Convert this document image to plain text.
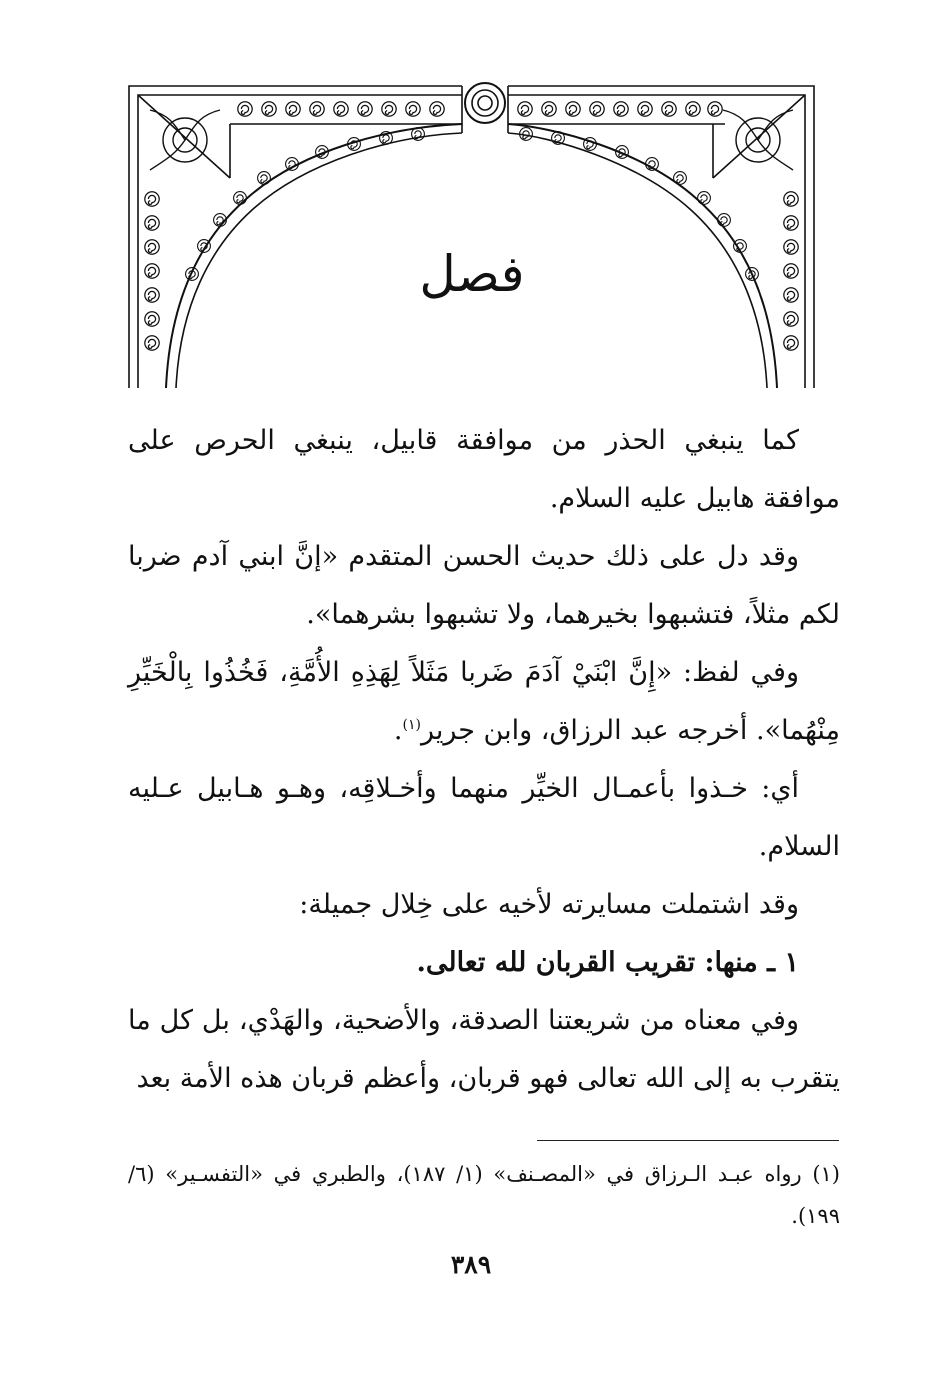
فصل

كما ينبغي الحذر من موافقة قابيل، ينبغي الحرص على موافقة هابيل عليه السلام.

وقد دل على ذلك حديث الحسن المتقدم «إنَّ ابني آدم ضربا لكم مثلاً، فتشبهوا بخيرهما، ولا تشبهوا بشرهما».

وفي لفظ: «إِنَّ ابْنَيْ آدَمَ ضَربا مَثَلاً لِهَذِهِ الأُمَّةِ، فَخُذُوا بِالْخَيِّرِ مِنْهُما». أخرجه عبد الرزاق، وابن جرير$^{(١)}$.

أي: خـذوا بأعمـال الخيِّر منهما وأخـلاقِه، وهـو هـابيل عـليه السلام.

وقد اشتملت مسايرته لأخيه على خِلال جميلة:

١ ـ منها: تقريب القربان لله تعالى.

وفي معناه من شريعتنا الصدقة، والأضحية، والهَدْي، بل كل ما يتقرب به إلى الله تعالى فهو قربان، وأعظم قربان هذه الأمة بعد

(١) رواه عبـد الـرزاق في «المصـنف» (١/ ١٨٧)، والطبري في «التفسـير» (٦/ ١٩٩).
٣٨٩
